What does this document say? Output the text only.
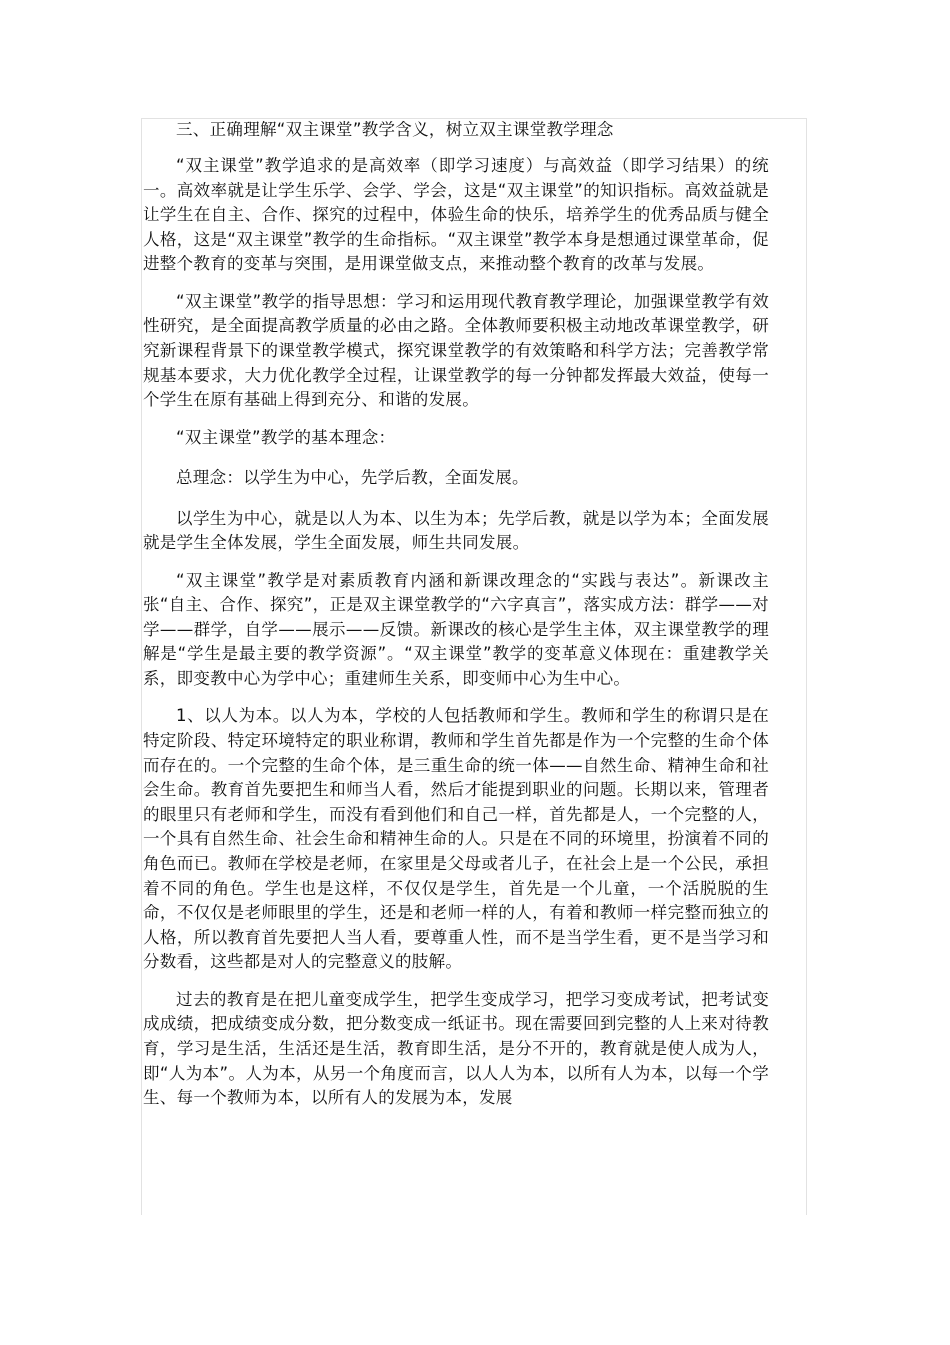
三、正确理解“双主课堂”教学含义，树立双主课堂教学理念

“双主课堂”教学追求的是高效率（即学习速度）与高效益（即学习结果）的统一。高效率就是让学生乐学、会学、学会，这是“双主课堂”的知识指标。高效益就是让学生在自主、合作、探究的过程中，体验生命的快乐，培养学生的优秀品质与健全人格，这是“双主课堂”教学的生命指标。“双主课堂”教学本身是想通过课堂革命，促进整个教育的变革与突围，是用课堂做支点，来推动整个教育的改革与发展。

“双主课堂”教学的指导思想：学习和运用现代教育教学理论，加强课堂教学有效性研究，是全面提高教学质量的必由之路。全体教师要积极主动地改革课堂教学，研究新课程背景下的课堂教学模式，探究课堂教学的有效策略和科学方法；完善教学常规基本要求，大力优化教学全过程，让课堂教学的每一分钟都发挥最大效益，使每一个学生在原有基础上得到充分、和谐的发展。

“双主课堂”教学的基本理念：

总理念：以学生为中心，先学后教，全面发展。

以学生为中心，就是以人为本、以生为本；先学后教，就是以学为本；全面发展就是学生全体发展，学生全面发展，师生共同发展。

“双主课堂”教学是对素质教育内涵和新课改理念的“实践与表达”。新课改主张“自主、合作、探究”，正是双主课堂教学的“六字真言”，落实成方法：群学——对学——群学，自学——展示——反馈。新课改的核心是学生主体，双主课堂教学的理解是“学生是最主要的教学资源”。“双主课堂”教学的变革意义体现在：重建教学关系，即变教中心为学中心；重建师生关系，即变师中心为生中心。

1、以人为本。以人为本，学校的人包括教师和学生。教师和学生的称谓只是在特定阶段、特定环境特定的职业称谓，教师和学生首先都是作为一个完整的生命个体而存在的。一个完整的生命个体，是三重生命的统一体——自然生命、精神生命和社会生命。教育首先要把生和师当人看，然后才能提到职业的问题。长期以来，管理者的眼里只有老师和学生，而没有看到他们和自己一样，首先都是人，一个完整的人，一个具有自然生命、社会生命和精神生命的人。只是在不同的环境里，扮演着不同的角色而已。教师在学校是老师，在家里是父母或者儿子，在社会上是一个公民，承担着不同的角色。学生也是这样，不仅仅是学生，首先是一个儿童，一个活脱脱的生命，不仅仅是老师眼里的学生，还是和老师一样的人，有着和教师一样完整而独立的人格，所以教育首先要把人当人看，要尊重人性，而不是当学生看，更不是当学习和分数看，这些都是对人的完整意义的肢解。

过去的教育是在把儿童变成学生，把学生变成学习，把学习变成考试，把考试变成成绩，把成绩变成分数，把分数变成一纸证书。现在需要回到完整的人上来对待教育，学习是生活，生活还是生活，教育即生活，是分不开的，教育就是使人成为人，即“人为本”。人为本，从另一个角度而言，以人人为本，以所有人为本，以每一个学生、每一个教师为本，以所有人的发展为本，发展
